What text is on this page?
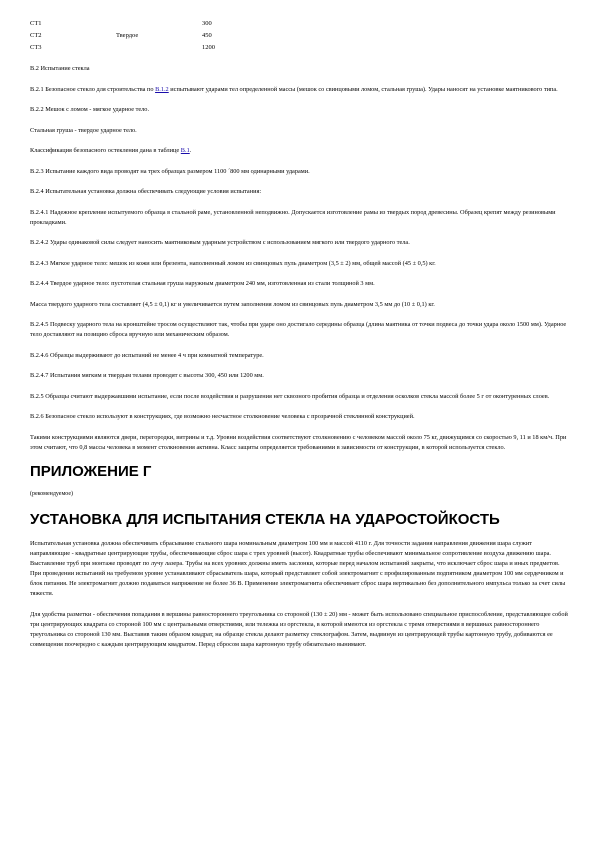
СТ1		300
СТ2	Твердое	450
СТ3		1200

В.2 Испытание стекла

В.2.1 Безопасное стекло для строительства по В.1.2 испытывают ударами тел определенной массы (мешок со свинцовыми ломом, стальная груша). Удары наносят на установке маятникового типа.

В.2.2 Мешок с ломом - мягкое ударное тело.

Стальная груша - твердое ударное тело.

Классификация безопасного остекления дана в таблице В.1.

В.2.3 Испытание каждого вида проводят на трех образцах размером 1100 ´800 мм одинарными ударами.

В.2.4 Испытательная установка должна обеспечивать следующие условия испытания:

В.2.4.1 Надежное крепление испытуемого образца в стальной раме, установленной неподвижно. Допускается изготовление рамы из твердых пород древесины. Образец крепят между резиновыми прокладками.

В.2.4.2 Удары одинаковой силы следует наносить маятниковым ударным устройством с использованием мягкого или твердого ударного тела.

В.2.4.3 Мягкое ударное тело: мешок из кожи или брезента, наполненный ломом из свинцовых пуль диаметром (3,5 ± 2) мм, общей массой (45 ± 0,5) кг.

В.2.4.4 Твердое ударное тело: пустотелая стальная груша наружным диаметром 240 мм, изготовленная из стали толщиной 3 мм.

Масса твердого ударного тела составляет (4,5 ± 0,1) кг и увеличивается путем заполнения ломом из свинцовых пуль диаметром 3,5 мм до (10 ± 0,1) кг.

В.2.4.5 Подвеску ударного тела на кронштейне тросом осуществляют так, чтобы при ударе оно достигало середины образца (длина маятника от точки подвеса до точки удара около 1500 мм). Ударное тело доставляют на позицию сброса вручную или механическим образом.

В.2.4.6 Образцы выдерживают до испытаний не менее 4 ч при комнатной температуре.

В.2.4.7 Испытания мягким и твердым телами проводят с высоты 300, 450 или 1200 мм.

В.2.5 Образцы считают выдержавшими испытание, если после воздействия и разрушения нет сквозного пробития образца и отделения осколков стекла массой более 5 г от оконтуренных слоев.

В.2.6 Безопасное стекло используют в конструкциях, где возможно несчастное столкновение человека с прозрачной стеклянной конструкцией.

Такими конструкциями являются двери, перегородки, витрины и т.д. Уровни воздействия соответствуют столкновению с человеком массой около 75 кг, движущимся со скоростью 9, 11 и 18 км/ч. При этом считают, что 0,8 массы человека в момент столкновения активна. Класс защиты определяется требованиями в зависимости от конструкции, в которой используется стекло.

ПРИЛОЖЕНИЕ Г

(рекомендуемое)

УСТАНОВКА ДЛЯ ИСПЫТАНИЯ СТЕКЛА НА УДАРОСТОЙКОСТЬ

Испытательная установка должна обеспечивать сбрасывание стального шара номинальным диаметром 100 мм и массой 4110 г. Для точности задания направления движения шара служит направляющие - квадратные центрирующие трубы, обеспечивающие сброс шара с трех уровней (высот). Квадратные трубы обеспечивают минимальное сопротивление воздуха движению шара. Выставление труб при монтаже проводят по лучу лазера. Трубы на всех уровнях должны иметь заслонки, которые перед началом испытаний закрыты, что исключает сброс шара и иных предметов. При проведении испытаний на требуемом уровне устанавливают сбрасыватель шара, который представляет собой электромагнит с профилированным подпятником диаметром 100 мм сердечником и блок питания. Не электромагнит должно подаваться напряжение не более 36 В. Применение электромагнита обеспечивает сброс шара вертикально без дополнительного импульса только за счет силы тяжести.

Для удобства разметки - обеспечения попадания в вершины равностороннего треугольника со стороной (130 ± 20) мм - может быть использовано специальное приспособление, представляющее собой три центрирующих квадрата со стороной 100 мм с центральными отверстиями, или тележка из оргстекла, в которой имеются из оргстекла с тремя отверстиями в вершинах равностороннего треугольника со стороной 130 мм. Выставив таким образом квадрат, на образце стекла делают разметку стеклографом. Затем, выдвинув из центрирующей трубы картонную трубу, добиваются ее совмещения поочередно с каждым центрирующим квадратом. Перед сбросом шара картонную трубу обязательно вынимают.
